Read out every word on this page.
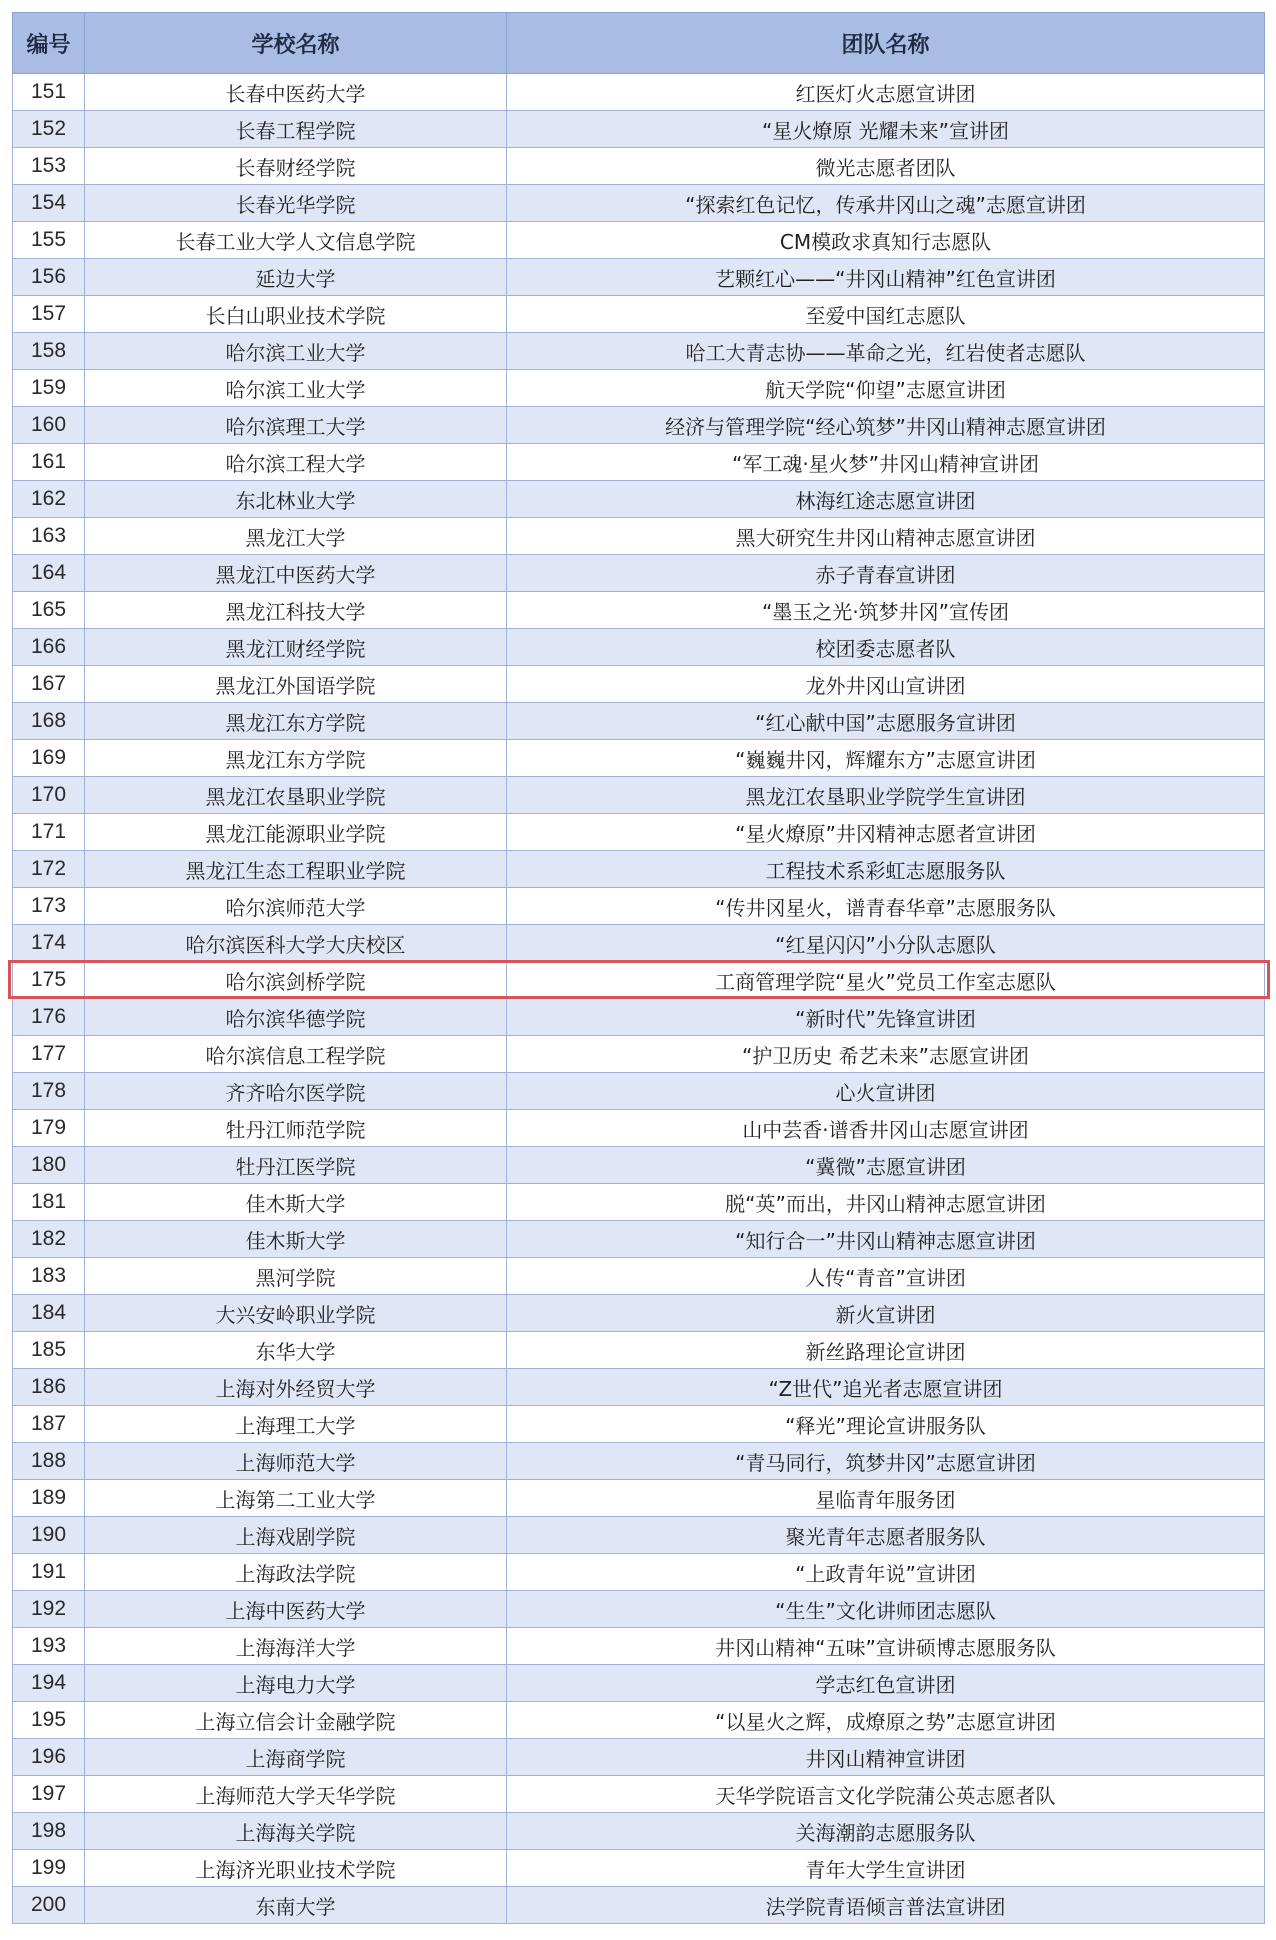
编号	学校名称	团队名称
151	长春中医药大学	红医灯火志愿宣讲团
152	长春工程学院	“星火燎原 光耀未来”宣讲团
153	长春财经学院	微光志愿者团队
154	长春光华学院	“探索红色记忆，传承井冈山之魂”志愿宣讲团
155	长春工业大学人文信息学院	CM模政求真知行志愿队
156	延边大学	艺颗红心——“井冈山精神”红色宣讲团
157	长白山职业技术学院	至爱中国红志愿队
158	哈尔滨工业大学	哈工大青志协——革命之光，红岩使者志愿队
159	哈尔滨工业大学	航天学院“仰望”志愿宣讲团
160	哈尔滨理工大学	经济与管理学院“经心筑梦”井冈山精神志愿宣讲团
161	哈尔滨工程大学	“军工魂·星火梦”井冈山精神宣讲团
162	东北林业大学	林海红途志愿宣讲团
163	黑龙江大学	黑大研究生井冈山精神志愿宣讲团
164	黑龙江中医药大学	赤子青春宣讲团
165	黑龙江科技大学	“墨玉之光·筑梦井冈”宣传团
166	黑龙江财经学院	校团委志愿者队
167	黑龙江外国语学院	龙外井冈山宣讲团
168	黑龙江东方学院	“红心献中国”志愿服务宣讲团
169	黑龙江东方学院	“巍巍井冈，辉耀东方”志愿宣讲团
170	黑龙江农垦职业学院	黑龙江农垦职业学院学生宣讲团
171	黑龙江能源职业学院	“星火燎原”井冈精神志愿者宣讲团
172	黑龙江生态工程职业学院	工程技术系彩虹志愿服务队
173	哈尔滨师范大学	“传井冈星火，谱青春华章”志愿服务队
174	哈尔滨医科大学大庆校区	“红星闪闪”小分队志愿队
175	哈尔滨剑桥学院	工商管理学院“星火”党员工作室志愿队
176	哈尔滨华德学院	“新时代”先锋宣讲团
177	哈尔滨信息工程学院	“护卫历史 希艺未来”志愿宣讲团
178	齐齐哈尔医学院	心火宣讲团
179	牡丹江师范学院	山中芸香·谱香井冈山志愿宣讲团
180	牡丹江医学院	“冀微”志愿宣讲团
181	佳木斯大学	脱“英”而出，井冈山精神志愿宣讲团
182	佳木斯大学	“知行合一”井冈山精神志愿宣讲团
183	黑河学院	人传“青音”宣讲团
184	大兴安岭职业学院	新火宣讲团
185	东华大学	新丝路理论宣讲团
186	上海对外经贸大学	“Z世代”追光者志愿宣讲团
187	上海理工大学	“释光”理论宣讲服务队
188	上海师范大学	“青马同行，筑梦井冈”志愿宣讲团
189	上海第二工业大学	星临青年服务团
190	上海戏剧学院	聚光青年志愿者服务队
191	上海政法学院	“上政青年说”宣讲团
192	上海中医药大学	“生生”文化讲师团志愿队
193	上海海洋大学	井冈山精神“五味”宣讲硕博志愿服务队
194	上海电力大学	学志红色宣讲团
195	上海立信会计金融学院	“以星火之辉，成燎原之势”志愿宣讲团
196	上海商学院	井冈山精神宣讲团
197	上海师范大学天华学院	天华学院语言文化学院蒲公英志愿者队
198	上海海关学院	关海潮韵志愿服务队
199	上海济光职业技术学院	青年大学生宣讲团
200	东南大学	法学院青语倾言普法宣讲团
